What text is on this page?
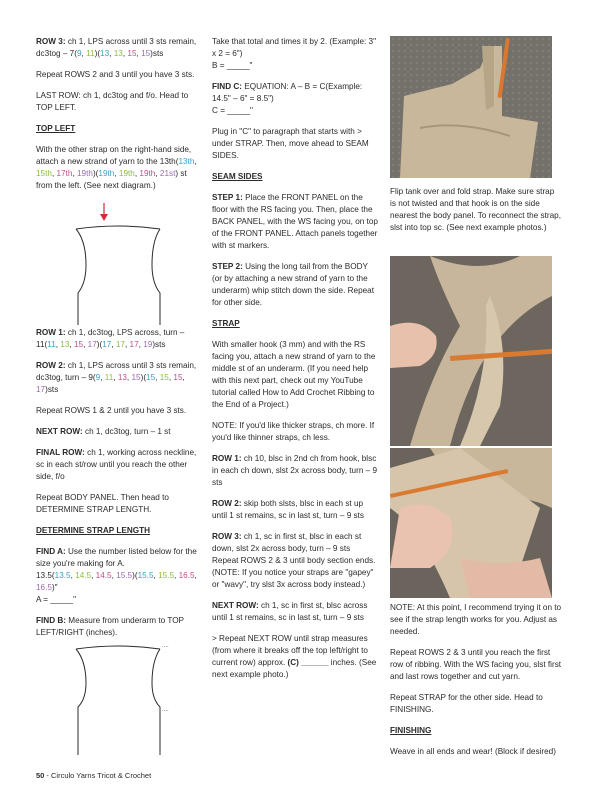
ROW 3: ch 1, LPS across until 3 sts remain, dc3tog – 7(9, 11)(13, 13, 15, 15)sts

Repeat ROWS 2 and 3 until you have 3 sts.

LAST ROW: ch 1, dc3tog and f/o. Head to TOP LEFT.

TOP LEFT

With the other strap on the right-hand side, attach a new strand of yarn to the 13th(13th, 15th, 17th, 19th)(19th, 19th, 19th, 21st) st from the left. (See next diagram.)

ROW 1: ch 1, dc3tog, LPS across, turn – 11(11, 13, 15, 17)(17, 17, 17, 19)sts

ROW 2: ch 1, LPS across until 3 sts remain, dc3tog, turn – 9(9, 11, 13, 15)(15, 15, 15, 17)sts

Repeat ROWS 1 & 2 until you have 3 sts.

NEXT ROW: ch 1, dc3tog, turn – 1 st

FINAL ROW: ch 1, working across neckline, sc in each st/row until you reach the other side, f/o

Repeat BODY PANEL. Then head to DETERMINE STRAP LENGTH.

DETERMINE STRAP LENGTH

FIND A: Use the number listed below for the size you're making for A.
13.5(13.5, 14.5, 14.5, 15.5)(15.5, 15.5, 16.5, 16.5)"

A = _____"

FIND B: Measure from underarm to TOP LEFT/RIGHT (inches).

....
....

Take that total and times it by 2. (Example: 3" x 2 = 6")

B = _____"

FIND C: EQUATION: A – B = C(Example: 14.5" – 6" = 8.5")

C = _____"

Plug in "C" to paragraph that starts with > under STRAP. Then, move ahead to SEAM SIDES.

SEAM SIDES

STEP 1: Place the FRONT PANEL on the floor with the RS facing you. Then, place the BACK PANEL, with the WS facing you, on top of the FRONT PANEL. Attach panels together with st markers.

STEP 2: Using the long tail from the BODY (or by attaching a new strand of yarn to the underarm) whip stitch down the side. Repeat for other side.

STRAP

With smaller hook (3 mm) and with the RS facing you, attach a new strand of yarn to the middle st of an underarm. (If you need help with this next part, check out my YouTube tutorial called How to Add Crochet Ribbing to the End of a Project.)

NOTE: If you'd like thicker straps, ch more. If you'd like thinner straps, ch less.

ROW 1: ch 10, blsc in 2nd ch from hook, blsc in each ch down, slst 2x across body, turn – 9 sts

ROW 2: skip both slsts, blsc in each st up until 1 st remains, sc in last st, turn – 9 sts

ROW 3: ch 1, sc in first st, blsc in each st down, slst 2x across body, turn – 9 sts Repeat ROWS 2 & 3 until body section ends. (NOTE: If you notice your straps are "gapey" or "wavy", try slst 3x across body instead.)

NEXT ROW: ch 1, sc in first st, blsc across until 1 st remains, sc in last st, turn – 9 sts

> Repeat NEXT ROW until strap measures (from where it breaks off the top left/right to current row) approx. (C) ______ inches. (See next example photo.)

Flip tank over and fold strap. Make sure strap is not twisted and that hook is on the side nearest the body panel. To reconnect the strap, slst into top sc. (See next example photos.)

NOTE: At this point, I recommend trying it on to see if the strap length works for you. Adjust as needed.

Repeat ROWS 2 & 3 until you reach the first row of ribbing. With the WS facing you, slst first and last rows together and cut yarn.

Repeat STRAP for the other side. Head to FINISHING.

FINISHING

Weave in all ends and wear! (Block if desired)

50 - Circulo Yarns Tricot & Crochet
PassionForum.ru
